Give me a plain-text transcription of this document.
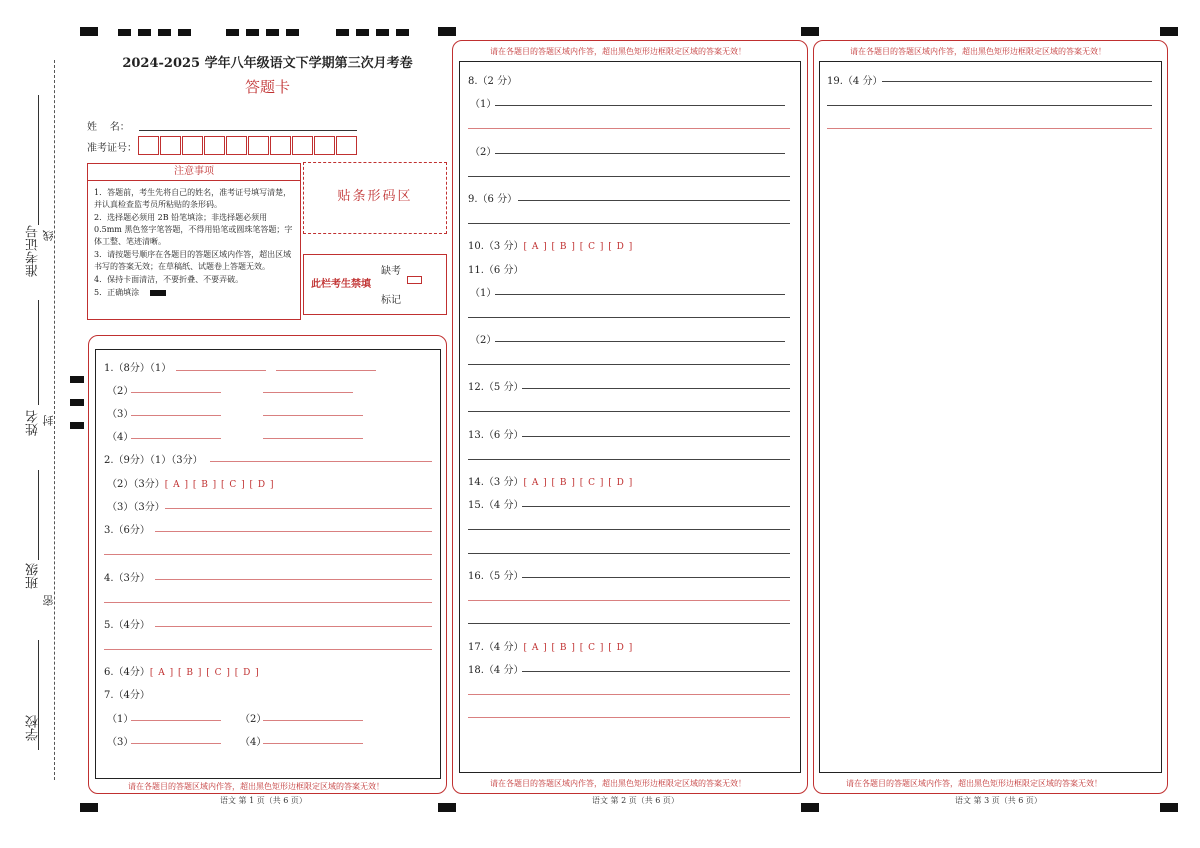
准考证号 线
姓名 封
班级
密
学校
2024-2025 学年八年级语文下学期第三次月考卷
答题卡
姓    名：
准考证号：
注意事项
1．答题前，考生先将自己的姓名，准考证号填写清楚，并认真检查监考员所粘贴的条形码。
2．选择题必须用 2B 铅笔填涂；非选择题必须用 0.5mm 黑色签字笔答题，不得用铅笔或圆珠笔答题；字体工整、笔迹清晰。
3．请按题号顺序在各题目的答题区域内作答，超出区域书写的答案无效；在草稿纸、试题卷上答题无效。
4．保持卡面清洁，不要折叠、不要弄破。
5．正确填涂
贴条形码区
此栏考生禁填
缺考
标记
1.（8分）（1）
（2）
（3）
（4）
2.（9分）（1）（3分）
（2）（3分）[ A ] [ B ] [ C ] [ D ]
（3）（3分）
3.（6分）
4.（3分）
5.（4分）
6.（4分）[ A ] [ B ] [ C ] [ D ]
7.（4分）
（1）	（2）
（3）	（4）
请在各题目的答题区域内作答，超出黑色矩形边框限定区域的答案无效！
语文 第 1 页（共 6 页）
请在各题目的答题区域内作答，超出黑色矩形边框限定区域的答案无效！
8.（2 分）
（1）
（2）
9.（6 分）
10.（3 分）[ A ] [ B ] [ C ] [ D ]
11.（6 分）
（1）
（2）
12.（5 分）
13.（6 分）
14.（3 分）[ A ] [ B ] [ C ] [ D ]
15.（4 分）
16.（5 分）
17.（4 分）[ A ] [ B ] [ C ] [ D ]
18.（4 分）
请在各题目的答题区域内作答，超出黑色矩形边框限定区域的答案无效！
语文 第 2 页（共 6 页）
请在各题目的答题区域内作答，超出黑色矩形边框限定区域的答案无效！
19.（4 分）
请在各题目的答题区域内作答，超出黑色矩形边框限定区域的答案无效！
语文 第 3 页（共 6 页）
